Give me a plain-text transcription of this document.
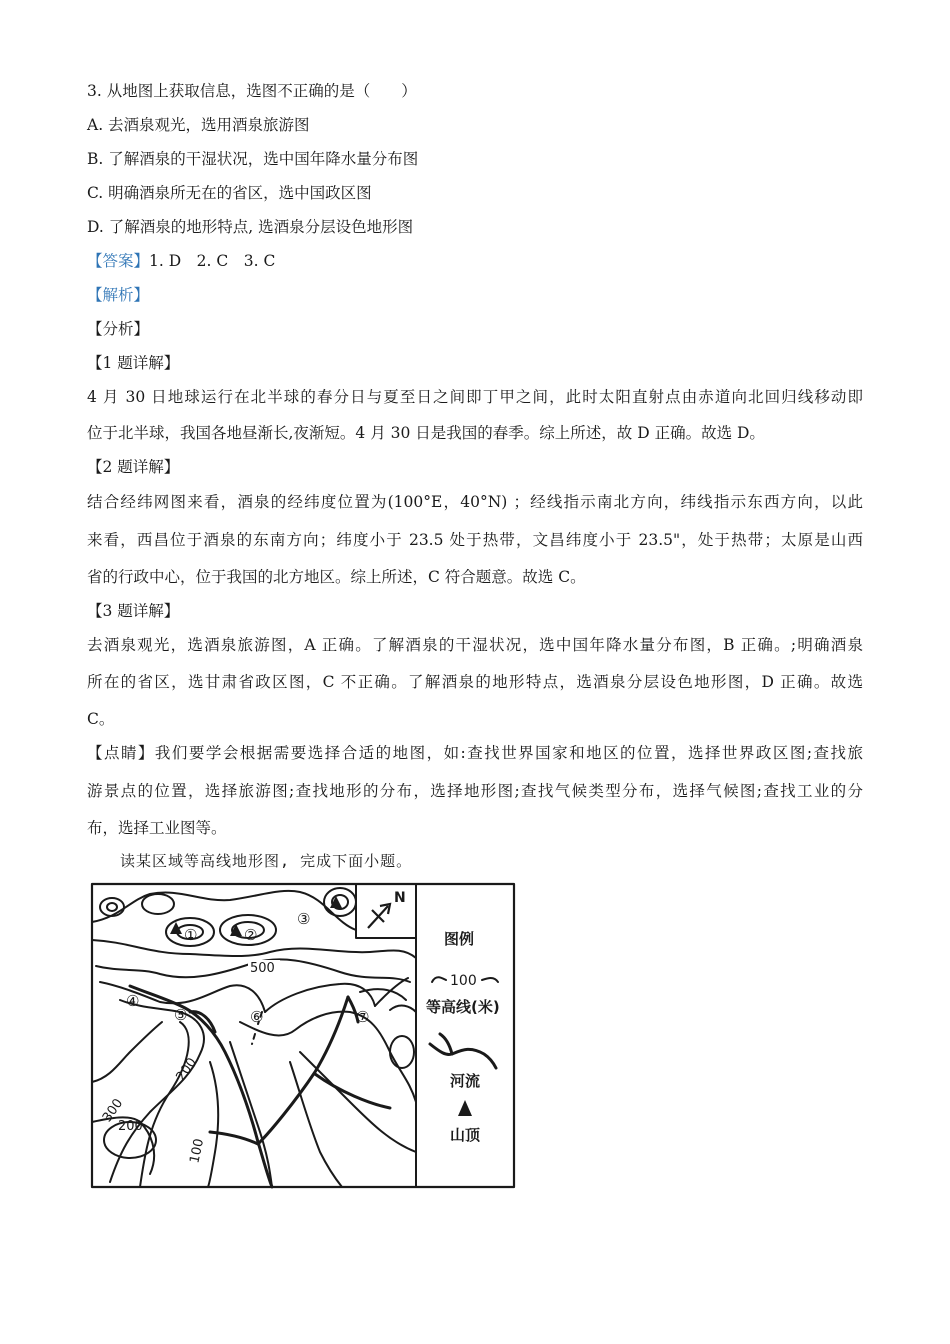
3. 从地图上获取信息，选图不正确的是（　　）
A. 去酒泉观光，选用酒泉旅游图
B. 了解酒泉的干湿状况，选中国年降水量分布图
C. 明确酒泉所无在的省区，选中国政区图
D. 了解酒泉的地形特点, 选酒泉分层设色地形图
【答案】1. D　2. C　3. C
【解析】
【分析】
【1 题详解】
4 月 30 日地球运行在北半球的春分日与夏至日之间即丁甲之间，此时太阳直射点由赤道向北回归线移动即
位于北半球，我国各地昼渐长,夜渐短。4 月 30 日是我国的春季。综上所述，故 D 正确。故选 D。
【2 题详解】
结合经纬网图来看，酒泉的经纬度位置为(100°E，40°N) ；经线指示南北方向，纬线指示东西方向，以此
来看，西昌位于酒泉的东南方向；纬度小于 23.5 处于热带，文昌纬度小于 23.5"，处于热带；太原是山西
省的行政中心，位于我国的北方地区。综上所述，C 符合题意。故选 C。
【3 题详解】
去酒泉观光，选酒泉旅游图，A 正确。了解酒泉的干湿状况，选中国年降水量分布图，B 正确。;明确酒泉
所在的省区，选甘肃省政区图，C 不正确。了解酒泉的地形特点，选酒泉分层设色地形图，D 正确。故选
C。
【点睛】我们要学会根据需要选择合适的地图，如:查找世界国家和地区的位置，选择世界政区图;查找旅
游景点的位置，选择旅游图;查找地形的分布，选择地形图;查找气候类型分布，选择气候图;查找工业的分
布，选择工业图等。
读某区域等高线地形图, 完成下面小题。
N
①	②
③
④
⑤	⑥	⑦
500
200
300
200
100
图例
100
等高线(米)
河流
山顶
